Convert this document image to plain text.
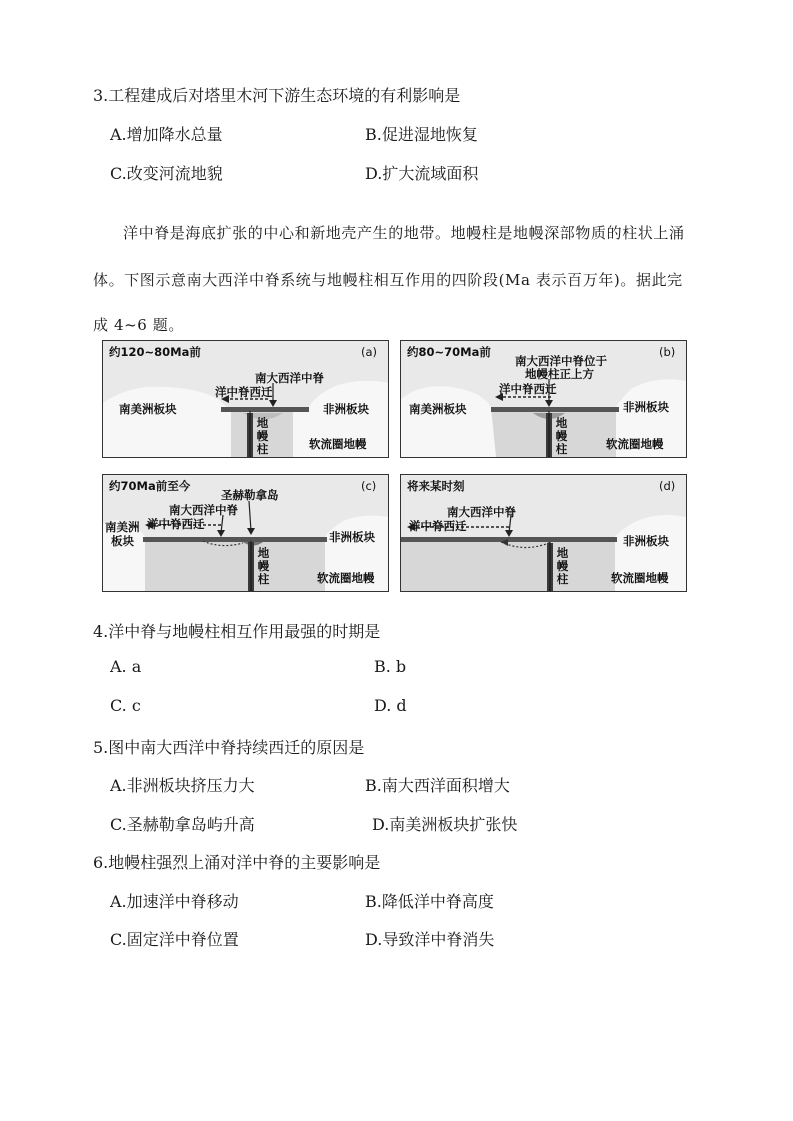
3.工程建成后对塔里木河下游生态环境的有利影响是
A.增加降水总量	B.促进湿地恢复
C.改变河流地貌	D.扩大流域面积
洋中脊是海底扩张的中心和新地壳产生的地带。地幔柱是地幔深部物质的柱状上涌
体。下图示意南大西洋中脊系统与地幔柱相互作用的四阶段(Ma 表示百万年)。据此完
成 4~6 题。
约120~80Ma前	(a)
南美洲板块	非洲板块
南大西洋中脊
洋中脊西迁
地幔柱	软流圈地幔
约80~70Ma前	(b)
南美洲板块	非洲板块
南大西洋中脊位于
地幔柱正上方
洋中脊西迁
地幔柱	软流圈地幔
约70Ma前至今	(c)
南美洲
板块	非洲板块
圣赫勒拿岛
南大西洋中脊
洋中脊西迁
地幔柱	软流圈地幔
将来某时刻	(d)
非洲板块
南大西洋中脊
洋中脊西迁
地幔柱	软流圈地幔
4.洋中脊与地幔柱相互作用最强的时期是
A. a	B. b
C. c	D. d
5.图中南大西洋中脊持续西迁的原因是
A.非洲板块挤压力大	B.南大西洋面积增大
C.圣赫勒拿岛屿升高	D.南美洲板块扩张快
6.地幔柱强烈上涌对洋中脊的主要影响是
A.加速洋中脊移动	B.降低洋中脊高度
C.固定洋中脊位置	D.导致洋中脊消失
